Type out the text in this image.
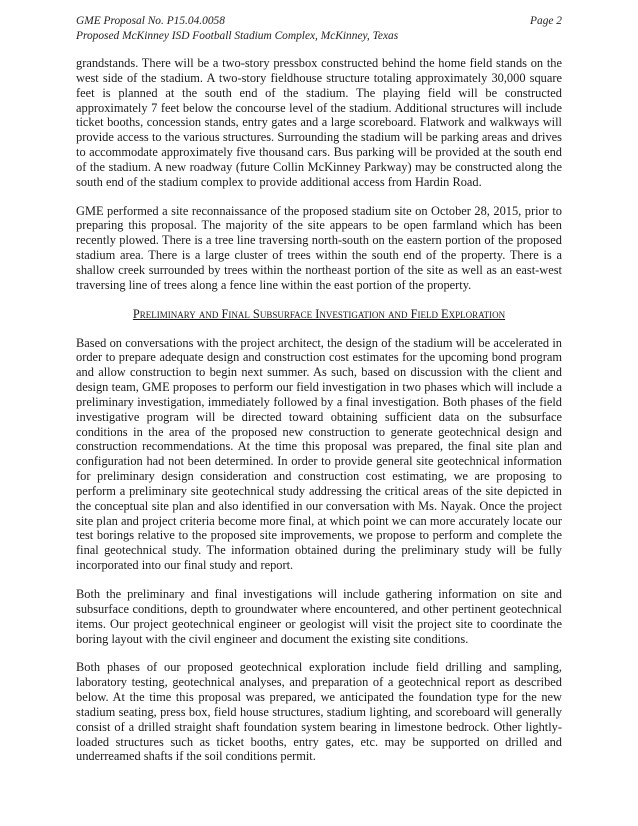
GME Proposal No. P15.04.0058	Page 2
Proposed McKinney ISD Football Stadium Complex, McKinney, Texas

grandstands. There will be a two-story pressbox constructed behind the home field stands on the west side of the stadium. A two-story fieldhouse structure totaling approximately 30,000 square feet is planned at the south end of the stadium. The playing field will be constructed approximately 7 feet below the concourse level of the stadium. Additional structures will include ticket booths, concession stands, entry gates and a large scoreboard. Flatwork and walkways will provide access to the various structures. Surrounding the stadium will be parking areas and drives to accommodate approximately five thousand cars. Bus parking will be provided at the south end of the stadium. A new roadway (future Collin McKinney Parkway) may be constructed along the south end of the stadium complex to provide additional access from Hardin Road.

GME performed a site reconnaissance of the proposed stadium site on October 28, 2015, prior to preparing this proposal. The majority of the site appears to be open farmland which has been recently plowed. There is a tree line traversing north-south on the eastern portion of the proposed stadium area. There is a large cluster of trees within the south end of the property. There is a shallow creek surrounded by trees within the northeast portion of the site as well as an east-west traversing line of trees along a fence line within the east portion of the property.

Preliminary and Final Subsurface Investigation and Field Exploration

Based on conversations with the project architect, the design of the stadium will be accelerated in order to prepare adequate design and construction cost estimates for the upcoming bond program and allow construction to begin next summer. As such, based on discussion with the client and design team, GME proposes to perform our field investigation in two phases which will include a preliminary investigation, immediately followed by a final investigation. Both phases of the field investigative program will be directed toward obtaining sufficient data on the subsurface conditions in the area of the proposed new construction to generate geotechnical design and construction recommendations. At the time this proposal was prepared, the final site plan and configuration had not been determined. In order to provide general site geotechnical information for preliminary design consideration and construction cost estimating, we are proposing to perform a preliminary site geotechnical study addressing the critical areas of the site depicted in the conceptual site plan and also identified in our conversation with Ms. Nayak. Once the project site plan and project criteria become more final, at which point we can more accurately locate our test borings relative to the proposed site improvements, we propose to perform and complete the final geotechnical study. The information obtained during the preliminary study will be fully incorporated into our final study and report.

Both the preliminary and final investigations will include gathering information on site and subsurface conditions, depth to groundwater where encountered, and other pertinent geotechnical items. Our project geotechnical engineer or geologist will visit the project site to coordinate the boring layout with the civil engineer and document the existing site conditions.

Both phases of our proposed geotechnical exploration include field drilling and sampling, laboratory testing, geotechnical analyses, and preparation of a geotechnical report as described below. At the time this proposal was prepared, we anticipated the foundation type for the new stadium seating, press box, field house structures, stadium lighting, and scoreboard will generally consist of a drilled straight shaft foundation system bearing in limestone bedrock. Other lightly-loaded structures such as ticket booths, entry gates, etc. may be supported on drilled and underreamed shafts if the soil conditions permit.
